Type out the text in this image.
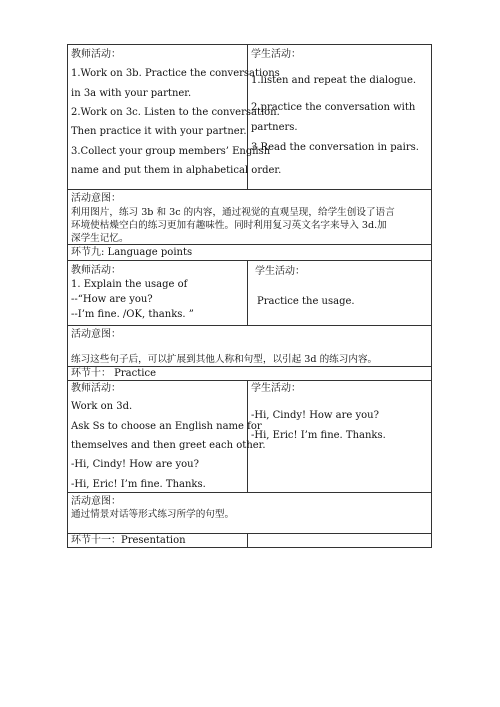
教师活动：
1.Work on 3b. Practice the conversations
in 3a with your partner.
2.Work on 3c. Listen to the conversation.
Then practice it with your partner.
3.Collect your group members’ English
name and put them in alphabetical order.
学生活动：
1.listen and repeat the dialogue.
2.practice the conversation with
partners.
3.Read the conversation in pairs.
活动意图：
利用图片，练习 3b 和 3c 的内容，通过视觉的直观呈现，给学生创设了语言
环境使枯燥空白的练习更加有趣味性。同时利用复习英文名字来导入 3d.加
深学生记忆。
环节九: Language points
教师活动：
1. Explain the usage of
--“How are you?
--I’m fine. /OK, thanks. ”
学生活动：
Practice the usage.
活动意图：
练习这些句子后，可以扩展到其他人称和句型，以引起 3d 的练习内容。
环节十： Practice
教师活动：
Work on 3d.
Ask Ss to choose an English name for
themselves and then greet each other.
-Hi, Cindy! How are you?
-Hi, Eric! I’m fine. Thanks.
学生活动：
-Hi, Cindy! How are you?
-Hi, Eric! I’m fine. Thanks.
活动意图：
通过情景对话等形式练习所学的句型。
环节十一：Presentation
